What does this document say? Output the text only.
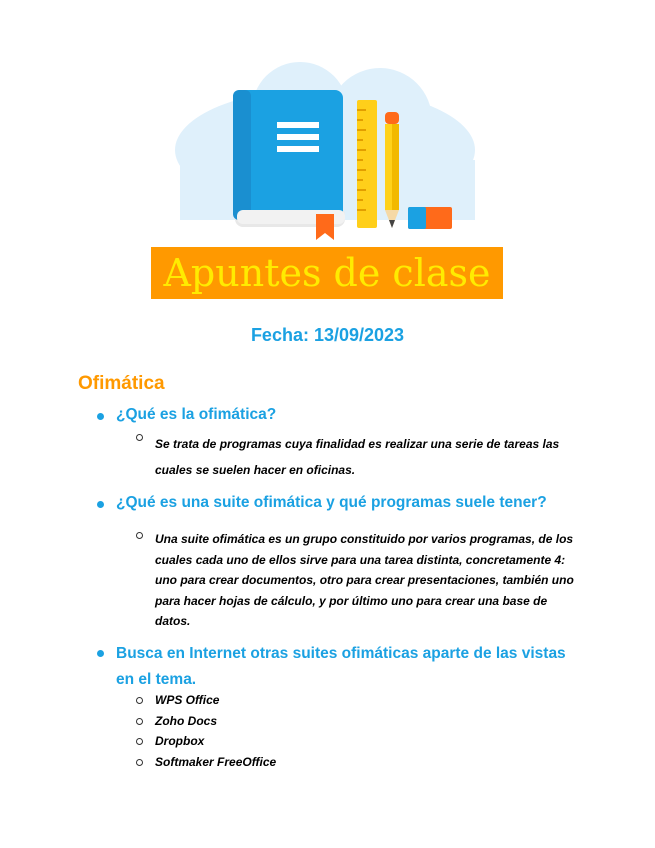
Apuntes de clase
Fecha: 13/09/2023
Ofimática
¿Qué es la ofimática?
Se trata de programas cuya finalidad es realizar una serie de tareas las cuales se suelen hacer en oficinas.
¿Qué es una suite ofimática y qué programas suele tener?
Una suite ofimática es un grupo constituido por varios programas, de los cuales cada uno de ellos sirve para una tarea distinta, concretamente 4: uno para crear documentos, otro para crear presentaciones, también uno para hacer hojas de cálculo, y por último uno para crear una base de datos.
Busca en Internet otras suites ofimáticas aparte de las vistas en el tema.
WPS Office
Zoho Docs
Dropbox
Softmaker FreeOffice
